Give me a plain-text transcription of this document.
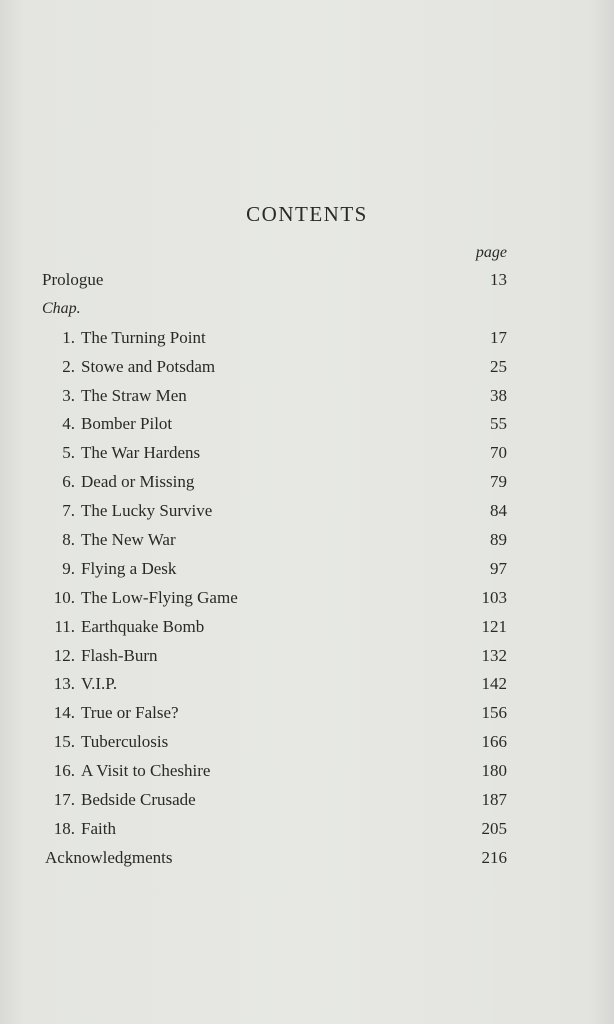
CONTENTS
page
Prologue	13
Chap.
1. The Turning Point	17
2. Stowe and Potsdam	25
3. The Straw Men	38
4. Bomber Pilot	55
5. The War Hardens	70
6. Dead or Missing	79
7. The Lucky Survive	84
8. The New War	89
9. Flying a Desk	97
10. The Low-Flying Game	103
11. Earthquake Bomb	121
12. Flash-Burn	132
13. V.I.P.	142
14. True or False?	156
15. Tuberculosis	166
16. A Visit to Cheshire	180
17. Bedside Crusade	187
18. Faith	205
Acknowledgments	216
